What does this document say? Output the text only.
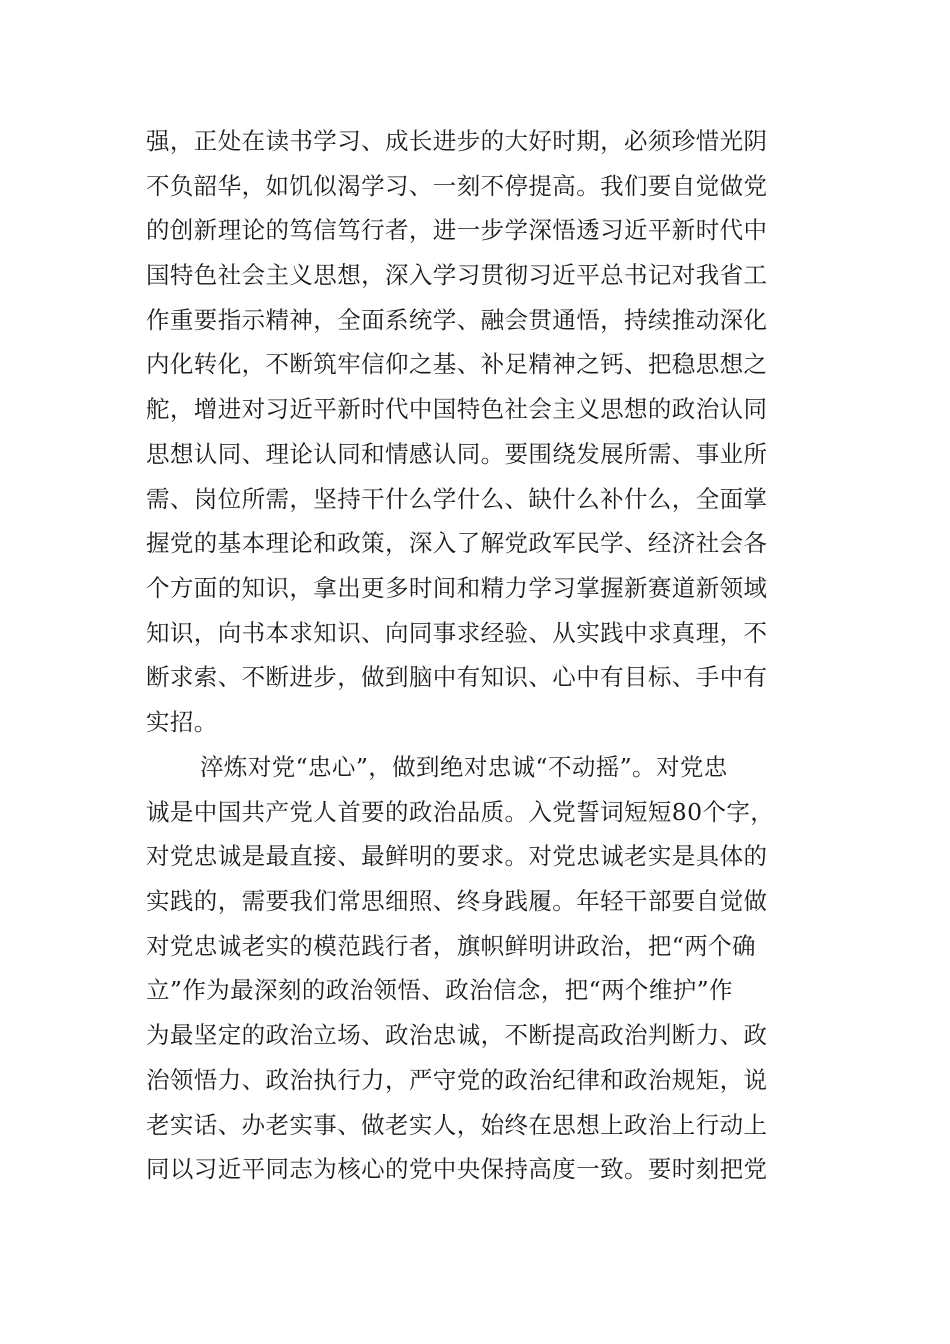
强，正处在读书学习、成长进步的大好时期，必须珍惜光阴
不负韶华，如饥似渴学习、一刻不停提高。我们要自觉做党
的创新理论的笃信笃行者，进一步学深悟透习近平新时代中
国特色社会主义思想，深入学习贯彻习近平总书记对我省工
作重要指示精神，全面系统学、融会贯通悟，持续推动深化
内化转化，不断筑牢信仰之基、补足精神之钙、把稳思想之
舵，增进对习近平新时代中国特色社会主义思想的政治认同
思想认同、理论认同和情感认同。要围绕发展所需、事业所
需、岗位所需，坚持干什么学什么、缺什么补什么，全面掌
握党的基本理论和政策，深入了解党政军民学、经济社会各
个方面的知识，拿出更多时间和精力学习掌握新赛道新领域
知识，向书本求知识、向同事求经验、从实践中求真理，不
断求索、不断进步，做到脑中有知识、心中有目标、手中有
实招。
淬炼对党“忠心”，做到绝对忠诚“不动摇”。对党忠
诚是中国共产党人首要的政治品质。入党誓词短短80个字，
对党忠诚是最直接、最鲜明的要求。对党忠诚老实是具体的
实践的，需要我们常思细照、终身践履。年轻干部要自觉做
对党忠诚老实的模范践行者，旗帜鲜明讲政治，把“两个确
立”作为最深刻的政治领悟、政治信念，把“两个维护”作
为最坚定的政治立场、政治忠诚，不断提高政治判断力、政
治领悟力、政治执行力，严守党的政治纪律和政治规矩，说
老实话、办老实事、做老实人，始终在思想上政治上行动上
同以习近平同志为核心的党中央保持高度一致。要时刻把党
